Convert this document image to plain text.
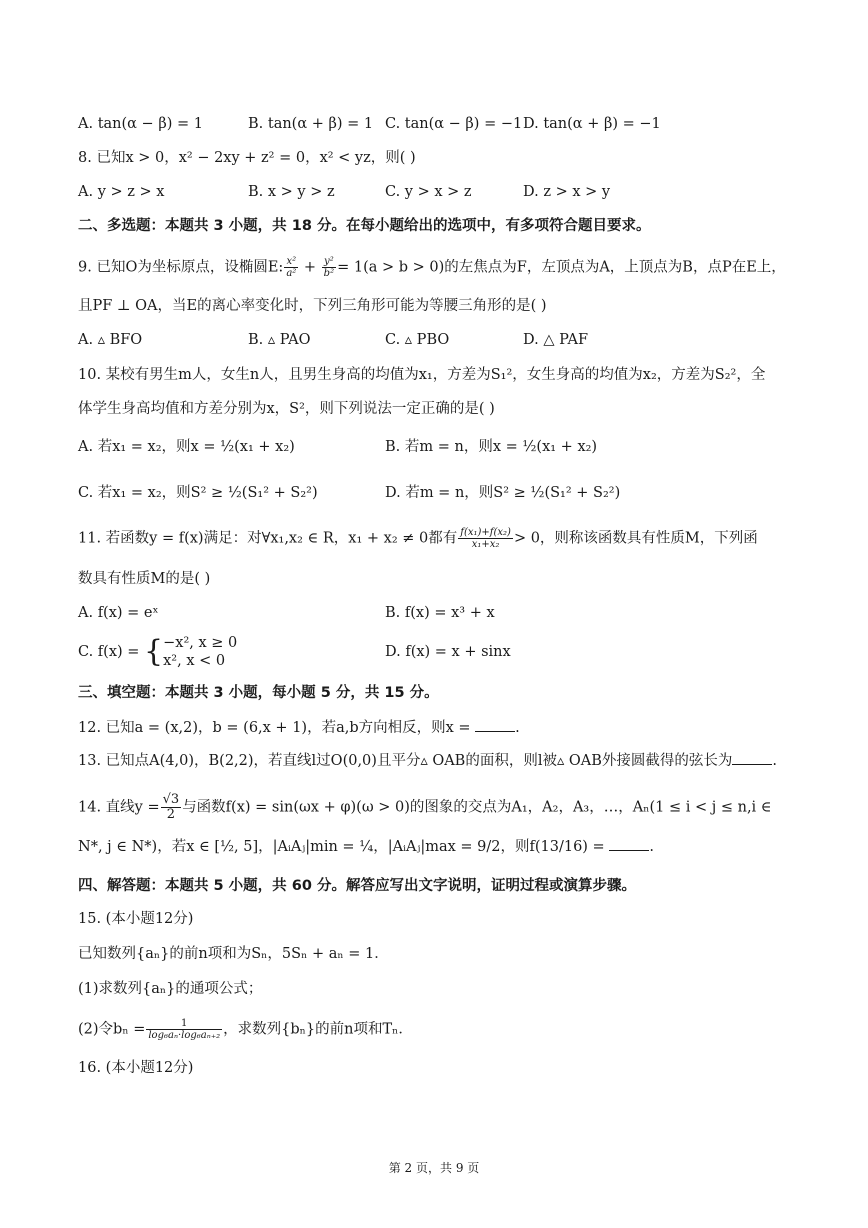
A. tan(α − β) = 1	B. tan(α + β) = 1 C. tan(α − β) = −1 D. tan(α + β) = −1
8. 已知x > 0，x² − 2xy + z² = 0，x² < yz，则( )
A. y > z > x	B. x > y > z	C. y > x > z	D. z > x > y
二、多选题：本题共 3 小题，共 18 分。在每小题给出的选项中，有多项符合题目要求。
9. 已知O为坐标原点，设椭圆E: $\frac{\text{x²}}{\text{a²}} + \frac{\text{y²}}{\text{b²}} = 1(a > b > 0)$的左焦点为F，左顶点为A，上顶点为B，点P在E上，
且PF ⊥ OA，当E的离心率变化时，下列三角形可能为等腰三角形的是( )
A. ▵ BFO	B. ▵ PAO	C. ▵ PBO	D. △ PAF
10. 某校有男生m人，女生n人，且男生身高的均值为x₁，方差为S₁²，女生身高的均值为x₂，方差为S₂²，全
体学生身高均值和方差分别为x，S²，则下列说法一定正确的是( )
A. 若x₁ = x₂，则x = ½(x₁ + x₂)	B. 若m = n，则x = ½(x₁ + x₂)
C. 若x₁ = x₂，则S² ≥ ½(S₁² + S₂²)	D. 若m = n，则S² ≥ ½(S₁² + S₂²)
11. 若函数y = f(x)满足：对∀x₁,x₂ ∈ R，x₁ + x₂ ≠ 0都有 $\frac{\text{f(x₁)+f(x₂)}}{\text{x₁+x₂}} > 0$，则称该函数具有性质M，下列函
数具有性质M的是( )
A. f(x) = eˣ	B. f(x) = x³ + x
C. f(x) = { −x², x ≥ 0
x², x < 0
D. f(x) = x + sinx
三、填空题：本题共 3 小题，每小题 5 分，共 15 分。
12. 已知a = (x,2)，b = (6,x + 1)，若a,b方向相反，则x =	.
13. 已知点A(4,0)，B(2,2)，若直线l过O(0,0)且平分▵ OAB的面积，则l被▵ OAB外接圆截得的弦长为	.
14. 直线$y = \frac{√3}{2}$ 与函数f(x) = sin(ωx + φ)(ω > 0)的图象的交点为A₁，A₂，A₃，…，Aₙ(1 ≤ i < j ≤ n,i ∈
N*, j ∈ N*)，若x ∈ [½, 5]，|AᵢAⱼ|min = ¼，|AᵢAⱼ|max = 9/2，则f(13/16) =	.
四、解答题：本题共 5 小题，共 60 分。解答应写出文字说明，证明过程或演算步骤。
15. (本小题12分)
已知数列{aₙ}的前n项和为Sₙ，5Sₙ + aₙ = 1．
(1)求数列{aₙ}的通项公式；
(2)令$b_n = \frac{1}{\text{log₆aₙ·log₆aₙ₊₂}}$ ，求数列{bₙ}的前n项和Tₙ．
16. (本小题12分)
第 2 页，共 9 页
